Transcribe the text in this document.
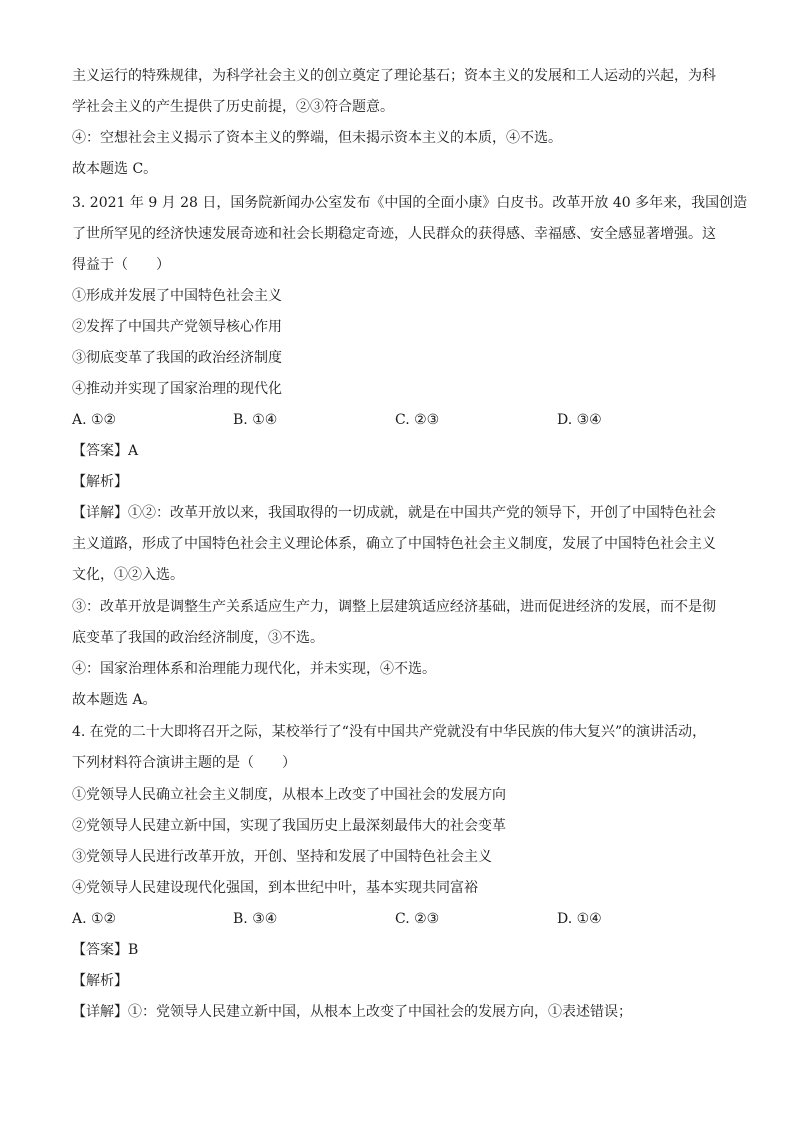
主义运行的特殊规律，为科学社会主义的创立奠定了理论基石；资本主义的发展和工人运动的兴起，为科
学社会主义的产生提供了历史前提，②③符合题意。
④：空想社会主义揭示了资本主义的弊端，但未揭示资本主义的本质，④不选。
故本题选 C。
3. 2021 年 9 月 28 日，国务院新闻办公室发布《中国的全面小康》白皮书。改革开放 40 多年来，我国创造
了世所罕见的经济快速发展奇迹和社会长期稳定奇迹，人民群众的获得感、幸福感、安全感显著增强。这
得益于（　　）
①形成并发展了中国特色社会主义
②发挥了中国共产党领导核心作用
③彻底变革了我国的政治经济制度
④推动并实现了国家治理的现代化
A. ①②	B. ①④	C. ②③	D. ③④
【答案】A
【解析】
【详解】①②：改革开放以来，我国取得的一切成就，就是在中国共产党的领导下，开创了中国特色社会
主义道路，形成了中国特色社会主义理论体系，确立了中国特色社会主义制度，发展了中国特色社会主义
文化，①②入选。
③：改革开放是调整生产关系适应生产力，调整上层建筑适应经济基础，进而促进经济的发展，而不是彻
底变革了我国的政治经济制度，③不选。
④：国家治理体系和治理能力现代化，并未实现，④不选。
故本题选 A。
4. 在党的二十大即将召开之际，某校举行了“没有中国共产党就没有中华民族的伟大复兴”的演讲活动，
下列材料符合演讲主题的是（　　）
①党领导人民确立社会主义制度，从根本上改变了中国社会的发展方向
②党领导人民建立新中国，实现了我国历史上最深刻最伟大的社会变革
③党领导人民进行改革开放，开创、坚持和发展了中国特色社会主义
④党领导人民建设现代化强国，到本世纪中叶，基本实现共同富裕
A. ①②	B. ③④	C. ②③	D. ①④
【答案】B
【解析】
【详解】①：党领导人民建立新中国，从根本上改变了中国社会的发展方向，①表述错误；
